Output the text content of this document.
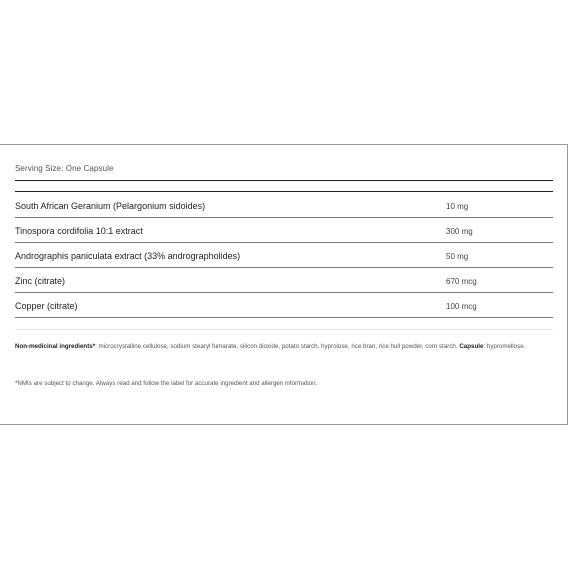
Serving Size: One Capsule
South African Geranium (Pelargonium sidoides)	10 mg
Tinospora cordifolia 10:1 extract	300 mg
Andrographis paniculata extract (33% andrographolides)	50 mg
Zinc (citrate)	670 mcg
Copper (citrate)	100 mcg
Non-medicinal ingredients*: microcrystalline cellulose, sodium stearyl fumarate, silicon dioxide, potato starch, hyprolose, rice bran, rice hull powder, corn starch. Capsule: hypromellose.
*NMIs are subject to change. Always read and follow the label for accurate ingredient and allergen information.
